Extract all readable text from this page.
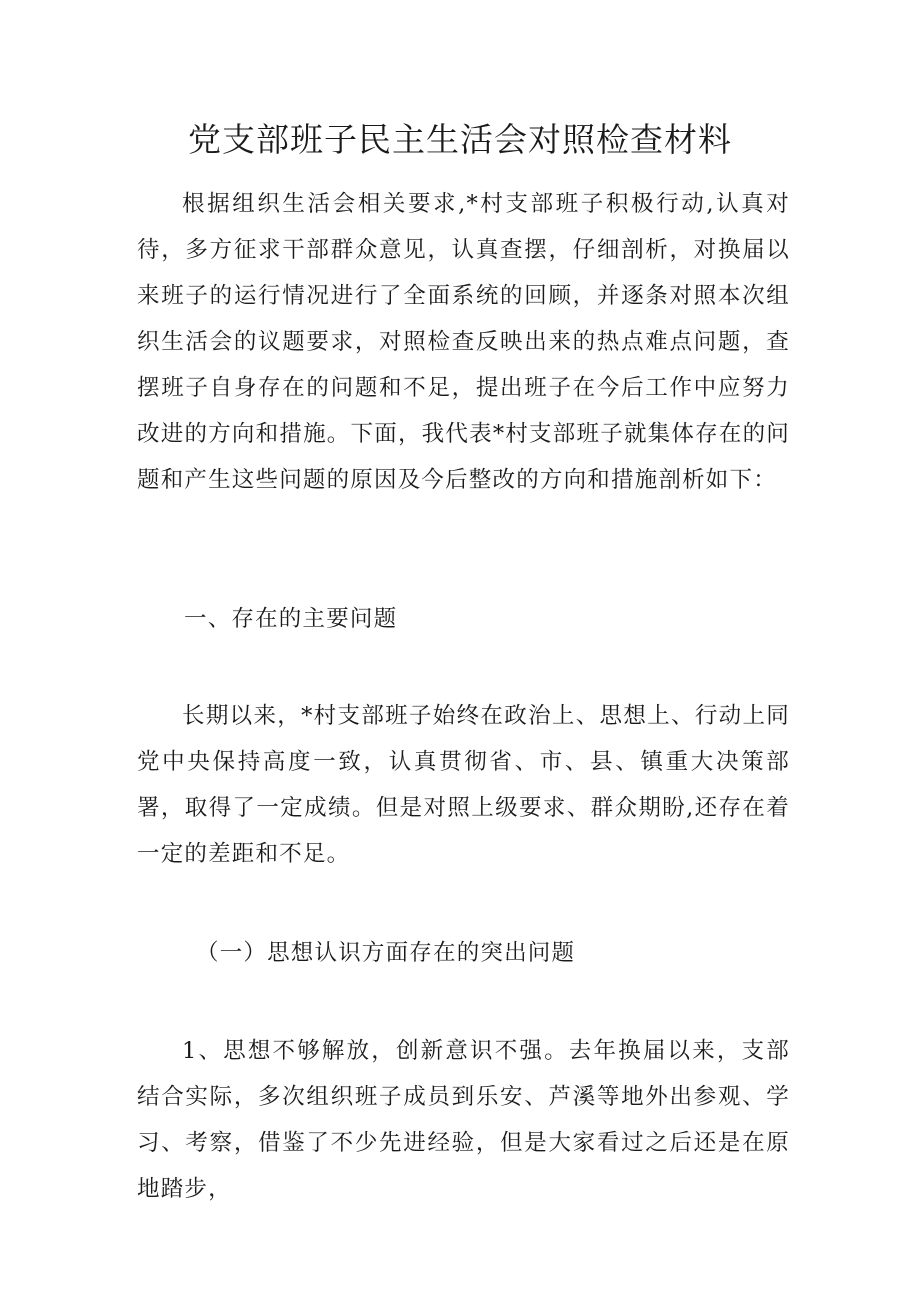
党支部班子民主生活会对照检查材料

根据组织生活会相关要求,*村支部班子积极行动,认真对待，多方征求干部群众意见，认真查摆，仔细剖析，对换届以来班子的运行情况进行了全面系统的回顾，并逐条对照本次组织生活会的议题要求，对照检查反映出来的热点难点问题，查摆班子自身存在的问题和不足，提出班子在今后工作中应努力改进的方向和措施。下面，我代表*村支部班子就集体存在的问题和产生这些问题的原因及今后整改的方向和措施剖析如下：

一、存在的主要问题

长期以来，*村支部班子始终在政治上、思想上、行动上同党中央保持高度一致，认真贯彻省、市、县、镇重大决策部署，取得了一定成绩。但是对照上级要求、群众期盼,还存在着一定的差距和不足。

（一）思想认识方面存在的突出问题

1、思想不够解放，创新意识不强。去年换届以来，支部结合实际，多次组织班子成员到乐安、芦溪等地外出参观、学习、考察，借鉴了不少先进经验，但是大家看过之后还是在原地踏步，
